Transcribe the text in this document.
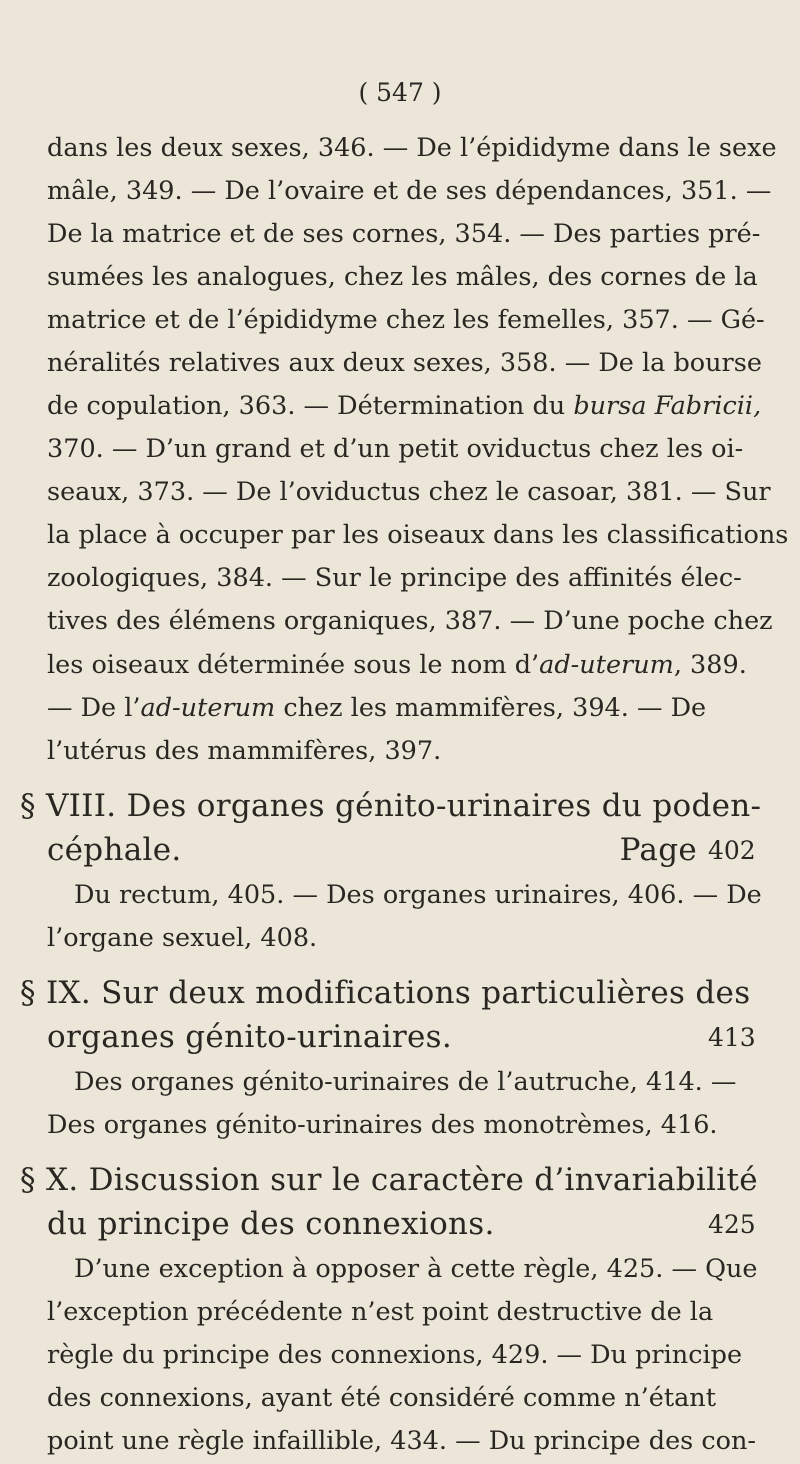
( 547 )
dans les deux sexes, 346. — De l’épididyme dans le sexe
mâle, 349. — De l’ovaire et de ses dépendances, 351. —
De la matrice et de ses cornes, 354. — Des parties pré-
sumées les analogues, chez les mâles, des cornes de la
matrice et de l’épididyme chez les femelles, 357. — Gé-
néralités relatives aux deux sexes, 358. — De la bourse
de copulation, 363. — Détermination du bursa Fabricii,
370. — D’un grand et d’un petit oviductus chez les oi-
seaux, 373. — De l’oviductus chez le casoar, 381. — Sur
la place à occuper par les oiseaux dans les classifications
zoologiques, 384. — Sur le principe des affinités élec-
tives des élémens organiques, 387. — D’une poche chez
les oiseaux déterminée sous le nom d’ad-uterum, 389.
— De l’ad-uterum chez les mammifères, 394. — De
l’utérus des mammifères, 397.
§ VIII. Des organes génito-urinaires du poden-
céphale.	Page 402
Du rectum, 405. — Des organes urinaires, 406. — De
l’organe sexuel, 408.
§ IX. Sur deux modifications particulières des
organes génito-urinaires.	413
Des organes génito-urinaires de l’autruche, 414. —
Des organes génito-urinaires des monotrèmes, 416.
§ X. Discussion sur le caractère d’invariabilité
du principe des connexions.	425
D’une exception à opposer à cette règle, 425. — Que
l’exception précédente n’est point destructive de la
règle du principe des connexions, 429. — Du principe
des connexions, ayant été considéré comme n’étant
point une règle infaillible, 434. — Du principe des con-
